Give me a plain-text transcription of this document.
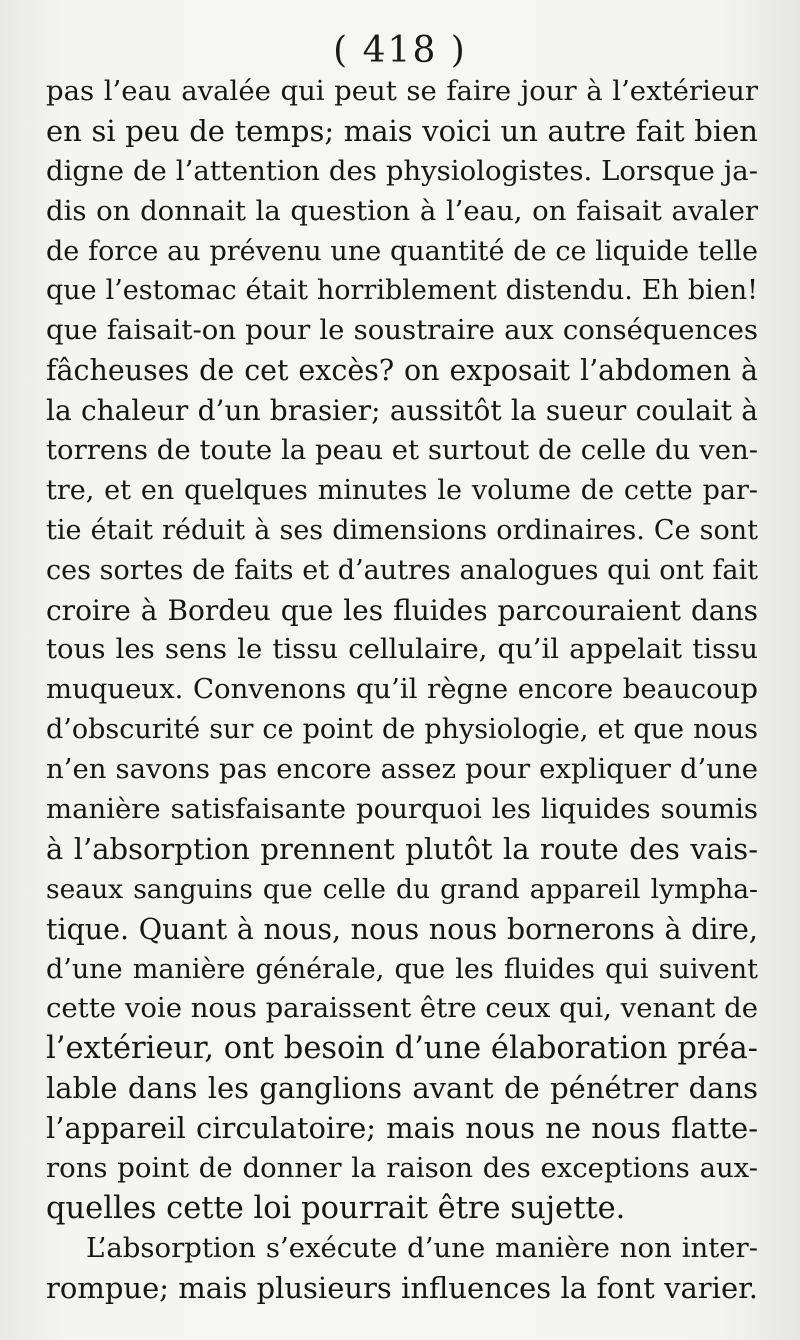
( 418 )
pas l’eau avalée qui peut se faire jour à l’extérieur
en si peu de temps; mais voici un autre fait bien
digne de l’attention des physiologistes. Lorsque ja-
dis on donnait la question à l’eau, on faisait avaler
de force au prévenu une quantité de ce liquide telle
que l’estomac était horriblement distendu. Eh bien!
que faisait-on pour le soustraire aux conséquences
fâcheuses de cet excès? on exposait l’abdomen à
la chaleur d’un brasier; aussitôt la sueur coulait à
torrens de toute la peau et surtout de celle du ven-
tre, et en quelques minutes le volume de cette par-
tie était réduit à ses dimensions ordinaires. Ce sont
ces sortes de faits et d’autres analogues qui ont fait
croire à Bordeu que les fluides parcouraient dans
tous les sens le tissu cellulaire, qu’il appelait tissu
muqueux. Convenons qu’il règne encore beaucoup
d’obscurité sur ce point de physiologie, et que nous
n’en savons pas encore assez pour expliquer d’une
manière satisfaisante pourquoi les liquides soumis
à l’absorption prennent plutôt la route des vais-
seaux sanguins que celle du grand appareil lympha-
tique. Quant à nous, nous nous bornerons à dire,
d’une manière générale, que les fluides qui suivent
cette voie nous paraissent être ceux qui, venant de
l’extérieur, ont besoin d’une élaboration préa-
lable dans les ganglions avant de pénétrer dans
l’appareil circulatoire; mais nous ne nous flatte-
rons point de donner la raison des exceptions aux-
quelles cette loi pourrait être sujette.
L’absorption s’exécute d’une manière non inter-
rompue; mais plusieurs influences la font varier.
